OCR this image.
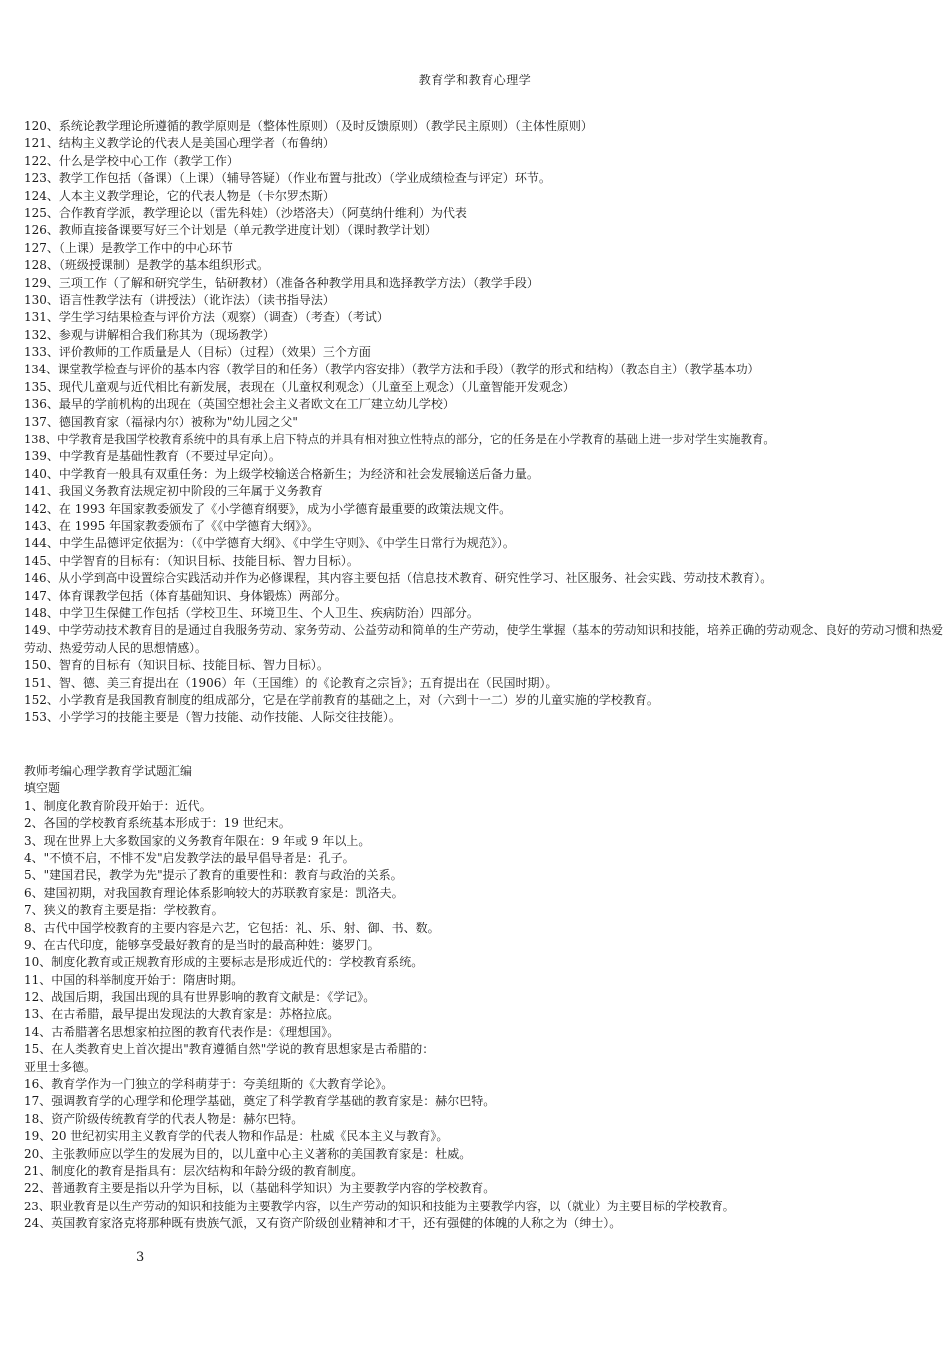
教育学和教育心理学
120、系统论教学理论所遵循的教学原则是（整体性原则）（及时反馈原则）（教学民主原则）（主体性原则）
121、结构主义教学论的代表人是美国心理学者（布鲁纳）
122、什么是学校中心工作（教学工作）
123、教学工作包括（备课）（上课）（辅导答疑）（作业布置与批改）（学业成绩检查与评定）环节。
124、人本主义教学理论，它的代表人物是（卡尔罗杰斯）
125、合作教育学派，教学理论以（雷先科娃）（沙塔洛夫）（阿莫纳什维利）为代表
126、教师直接备课要写好三个计划是（单元教学进度计划）（课时教学计划）
127、（上课）是教学工作中的中心环节
128、（班级授课制）是教学的基本组织形式。
129、三项工作（了解和研究学生，钻研教材）（准备各种教学用具和选择教学方法）（教学手段）
130、语言性教学法有（讲授法）（讹诈法）（读书指导法）
131、学生学习结果检查与评价方法（观察）（调查）（考查）（考试）
132、参观与讲解相合我们称其为（现场教学）
133、评价教师的工作质量是人（目标）（过程）（效果）三个方面
134、课堂教学检查与评价的基本内容（教学目的和任务）（教学内容安排）（教学方法和手段）（教学的形式和结构）（教态自主）（教学基本功）
135、现代儿童观与近代相比有新发展，表现在（儿童权利观念）（儿童至上观念）（儿童智能开发观念）
136、最早的学前机构的出现在（英国空想社会主义者欧文在工厂建立幼儿学校）
137、德国教育家（福禄内尔）被称为"幼儿园之父"
138、中学教育是我国学校教育系统中的具有承上启下特点的并具有相对独立性特点的部分，它的任务是在小学教育的基础上进一步对学生实施教育。
139、中学教育是基础性教育（不要过早定向）。
140、中学教育一般具有双重任务：为上级学校输送合格新生；为经济和社会发展输送后备力量。
141、我国义务教育法规定初中阶段的三年属于义务教育
142、在 1993 年国家教委颁发了《小学德育纲要》，成为小学德育最重要的政策法规文件。
143、在 1995 年国家教委颁布了《《中学德育大纲》》。
144、中学生品德评定依据为：（《中学德育大纲》、《中学生守则》、《中学生日常行为规范》）。
145、中学智育的目标有：（知识目标、技能目标、智力目标）。
146、从小学到高中设置综合实践活动并作为必修课程，其内容主要包括（信息技术教育、研究性学习、社区服务、社会实践、劳动技术教育）。
147、体育课教学包括（体育基础知识、身体锻炼）两部分。
148、中学卫生保健工作包括（学校卫生、环境卫生、个人卫生、疾病防治）四部分。
149、中学劳动技术教育目的是通过自我服务劳动、家务劳动、公益劳动和简单的生产劳动，使学生掌握（基本的劳动知识和技能，培养正确的劳动观念、良好的劳动习惯和热爱劳动、热爱劳动人民的思想情感）。
150、智育的目标有（知识目标、技能目标、智力目标）。
151、智、德、美三育提出在（1906）年（王国维）的《论教育之宗旨》；五育提出在（民国时期）。
152、小学教育是我国教育制度的组成部分，它是在学前教育的基础之上，对（六到十一二）岁的儿童实施的学校教育。
153、小学学习的技能主要是（智力技能、动作技能、人际交往技能）。
教师考编心理学教育学试题汇编
填空题
1、制度化教育阶段开始于：近代。
2、各国的学校教育系统基本形成于：19 世纪末。
3、现在世界上大多数国家的义务教育年限在：9 年或 9 年以上。
4、"不愤不启，不悱不发"启发教学法的最早倡导者是：孔子。
5、"建国君民，教学为先"提示了教育的重要性和：教育与政治的关系。
6、建国初期，对我国教育理论体系影响较大的苏联教育家是：凯洛夫。
7、狭义的教育主要是指：学校教育。
8、古代中国学校教育的主要内容是六艺，它包括：礼、乐、射、御、书、数。
9、在古代印度，能够享受最好教育的是当时的最高种姓：婆罗门。
10、制度化教育或正规教育形成的主要标志是形成近代的：学校教育系统。
11、中国的科举制度开始于：隋唐时期。
12、战国后期，我国出现的具有世界影响的教育文献是：《学记》。
13、在古希腊，最早提出发现法的大教育家是：苏格拉底。
14、古希腊著名思想家柏拉图的教育代表作是：《理想国》。
15、在人类教育史上首次提出"教育遵循自然"学说的教育思想家是古希腊的：
亚里士多德。
16、教育学作为一门独立的学科萌芽于：夸美纽斯的《大教育学论》。
17、强调教育学的心理学和伦理学基础，奠定了科学教育学基础的教育家是：赫尔巴特。
18、资产阶级传统教育学的代表人物是：赫尔巴特。
19、20 世纪初实用主义教育学的代表人物和作品是：杜威《民本主义与教育》。
20、主张教师应以学生的发展为目的，以儿童中心主义著称的美国教育家是：杜威。
21、制度化的教育是指具有：层次结构和年龄分级的教育制度。
22、普通教育主要是指以升学为目标，以（基础科学知识）为主要教学内容的学校教育。
23、职业教育是以生产劳动的知识和技能为主要教学内容，以生产劳动的知识和技能为主要教学内容，以（就业）为主要目标的学校教育。
24、英国教育家洛克将那种既有贵族气派，又有资产阶级创业精神和才干，还有强健的体魄的人称之为（绅士）。
3
